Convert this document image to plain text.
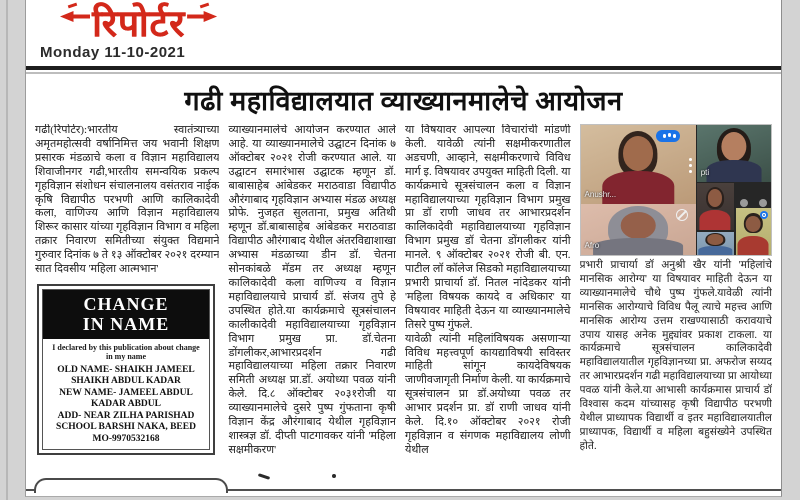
रिपोर्टर
Monday 11-10-2021
गढी महाविद्यालयात व्याख्यानमालेचे आयोजन

गढी(रिपोर्टर):भारतीय स्वातंत्र्याच्या अमृतमहोत्सवी वर्षानिमित्त जय भवानी शिक्षण प्रसारक मंडळाचे कला व विज्ञान महाविद्यालय शिवाजीनगर गढी,भारतीय समन्वयिक प्रकल्प गृहविज्ञान संशोधन संचालनालय वसंतराव नाईक कृषि विद्यापीठ परभणी आणि कालिकादेवी कला, वाणिज्य आणि विज्ञान महाविद्यालय शिरूर कासार यांच्या गृहविज्ञान विभाग व महिला तक्रार निवारण समितीच्या संयुक्त विद्यमाने गुरुवार दिनांक ७ ते १३ ऑक्टोबर २०२१ दरम्यान सात दिवसीय 'महिला आत्मभान'

CHANGE
IN NAME
I declared by this publication about change in my name
OLD NAME- SHAIKH JAMEEL SHAIKH ABDUL KADAR
NEW NAME- JAMEEL ABDUL KADAR ABDUL
ADD- NEAR ZILHA PARISHAD SCHOOL BARSHI NAKA, BEED
MO-9970532168

व्याख्यानमालेचे आयोजन करण्यात आले आहे. या व्याख्यानमालेचे उद्घाटन दिनांक ७ ऑक्टोबर २०२१ रोजी करण्यात आले. या उद्घाटन समारंभास उद्घाटक म्हणून डॉ. बाबासाहेब आंबेडकर मराठवाडा विद्यापीठ औरंगाबाद गृहविज्ञान अभ्यास मंडळ अध्यक्ष प्रोफे. नुजहत सुलताना, प्रमुख अतिथी म्हणून डॉ.बाबासाहेब आंबेडकर मराठवाडा विद्यापीठ औरंगाबाद येथील अंतरविद्याशाखा अभ्यास मंडळाच्या डीन डॉ. चेतना सोनकांबळे मॅडम तर अध्यक्ष म्हणून कालिकादेवी कला वाणिज्य व विज्ञान महाविद्यालयाचे प्राचार्य डॉ. संजय तुपे हे उपस्थित होते.या कार्यक्रमाचे सूत्रसंचालन कालीकादेवी महाविद्यालयाच्या गृहविज्ञान विभाग प्रमुख प्रा. डॉ.चेतना डोंगलीकर,आभारप्रदर्शन गढी महाविद्यालयाच्या महिला तक्रार निवारण समिती अध्यक्ष प्रा.डॉ. अयोध्या पवळ यांनी केले. दि.८ ऑक्टोबर २०३१रोजी या व्याख्यानमालेचे दुसरे पुष्प गुंफताना कृषी विज्ञान केंद्र औरंगाबाद येथील गृहविज्ञान शास्त्रज्ञ डॉ. दीप्ती पाटगावकर यांनी 'महिला सक्षमीकरण'

या विषयावर आपल्या विचारांची मांडणी केली. यावेळी त्यांनी सक्षमीकरणातील अडचणी, आव्हाने, सक्षमीकरणाचे विविध मार्ग इ. विषयावर उपयुक्त माहिती दिली. या कार्यक्रमाचे सूत्रसंचालन कला व विज्ञान महाविद्यालयाच्या गृहविज्ञान विभाग प्रमुख प्रा डॉ राणी जाधव तर आभारप्रदर्शन कालिकादेवी महाविद्यालयाच्या गृहविज्ञान विभाग प्रमुख डॉ चेतना डोंगलीकर यांनी मानले. ९ ऑक्टोबर २०२१ रोजी बी. एन. पाटील लॉ कॉलेज सिडको महाविद्यालयाच्या प्रभारी प्राचार्या डॉ. नितल नांदेडकर यांनी 'महिला विषयक कायदे व अधिकार' या विषयावर माहिती देऊन या व्याख्यानमालेचे तिसरे पुष्प गुंफले.

यावेळी त्यांनी महिलांविषयक असणाऱ्या विविध महत्त्वपूर्ण कायद्याविषयी सविस्तर माहिती सांगून कायदेविषयक जाणीवजागृती निर्माण केली. या कार्यक्रमाचे सूत्रसंचालन प्रा डॉ.अयोध्या पवळ तर आभार प्रदर्शन प्रा. डॉ राणी जाधव यांनी केले. दि.१० ऑक्टोबर २०२१ रोजी गृहविज्ञान व संगणक महाविद्यालय लोणी येथील

Anushr...
pti
Afro

प्रभारी प्राचार्या डॉ अनुश्री खैर यांनी 'महिलांचे मानसिक आरोग्य' या विषयावर माहिती देऊन या व्याख्यानमालेचे चौथे पुष्प गुंफले.यावेळी त्यांनी मानसिक आरोग्याचे विविध पैलू त्याचे महत्त्व आणि मानसिक आरोग्य उत्तम राखण्यासाठी करावयाचे उपाय यासह अनेक मुद्द्यांवर प्रकाश टाकला. या कार्यक्रमाचे सूत्रसंचालन कालिकादेवी महाविद्यालयातील गृहविज्ञानच्या प्रा. अफरोज सय्यद तर आभारप्रदर्शन गढी महाविद्यालयाच्या प्रा आयोध्या पवळ यांनी केले.या आभासी कार्यक्रमास प्राचार्य डॉ विश्वास कदम यांच्यासह कृषी विद्यापीठ परभणी येथील प्राध्यापक विद्यार्थी व इतर महाविद्यालयातील प्राध्यापक, विद्यार्थी व महिला बहुसंख्येने उपस्थित होते.
